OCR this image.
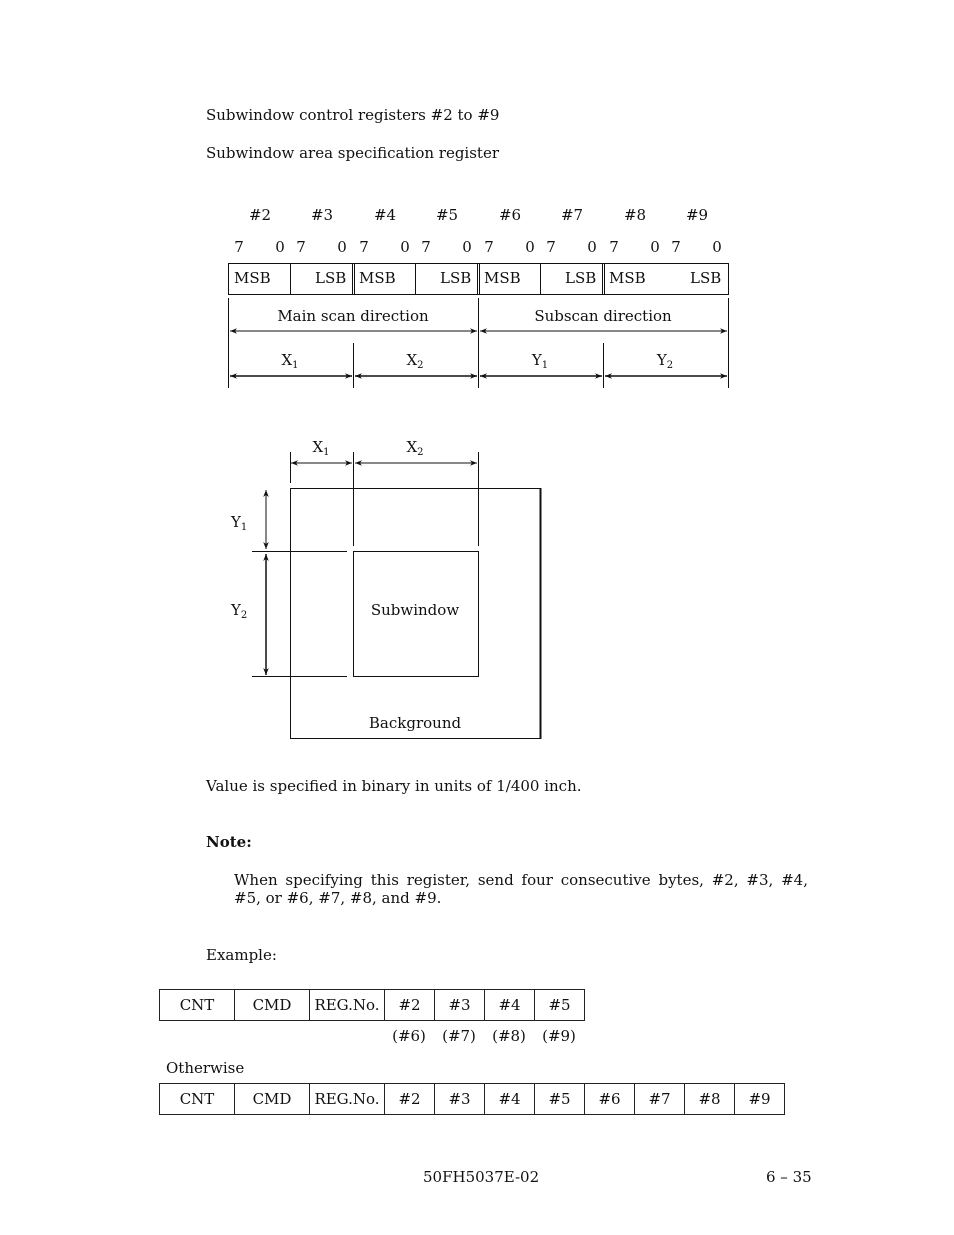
Subwindow control registers #2 to #9
Subwindow area specification register
#2	#3	#4	#5	#6	#7	#8	#9
7 0 7 0 7 0 7 0 7 0 7 0 7 0 7 0
MSB	LSB MSB	LSB MSB	LSB MSB	LSB
Main scan direction	Subscan direction
$X_1$	$X_2$	$Y_1$	$Y_2$
$X_1$	$X_2$
$Y_1$
$Y_2$	Subwindow
Background
Value is specified in binary in units of 1/400 inch.
Note:
When specifying this register, send four consecutive bytes, #2, #3, #4, #5, or #6, #7, #8, and #9.
Example:
CNT	CMD	REG.No.	#2	#3	#4	#5
(#6) (#7) (#8) (#9)
Otherwise
CNT	CMD	REG.No.	#2	#3	#4	#5	#6	#7	#8	#9
50FH5037E-02	6 – 35
